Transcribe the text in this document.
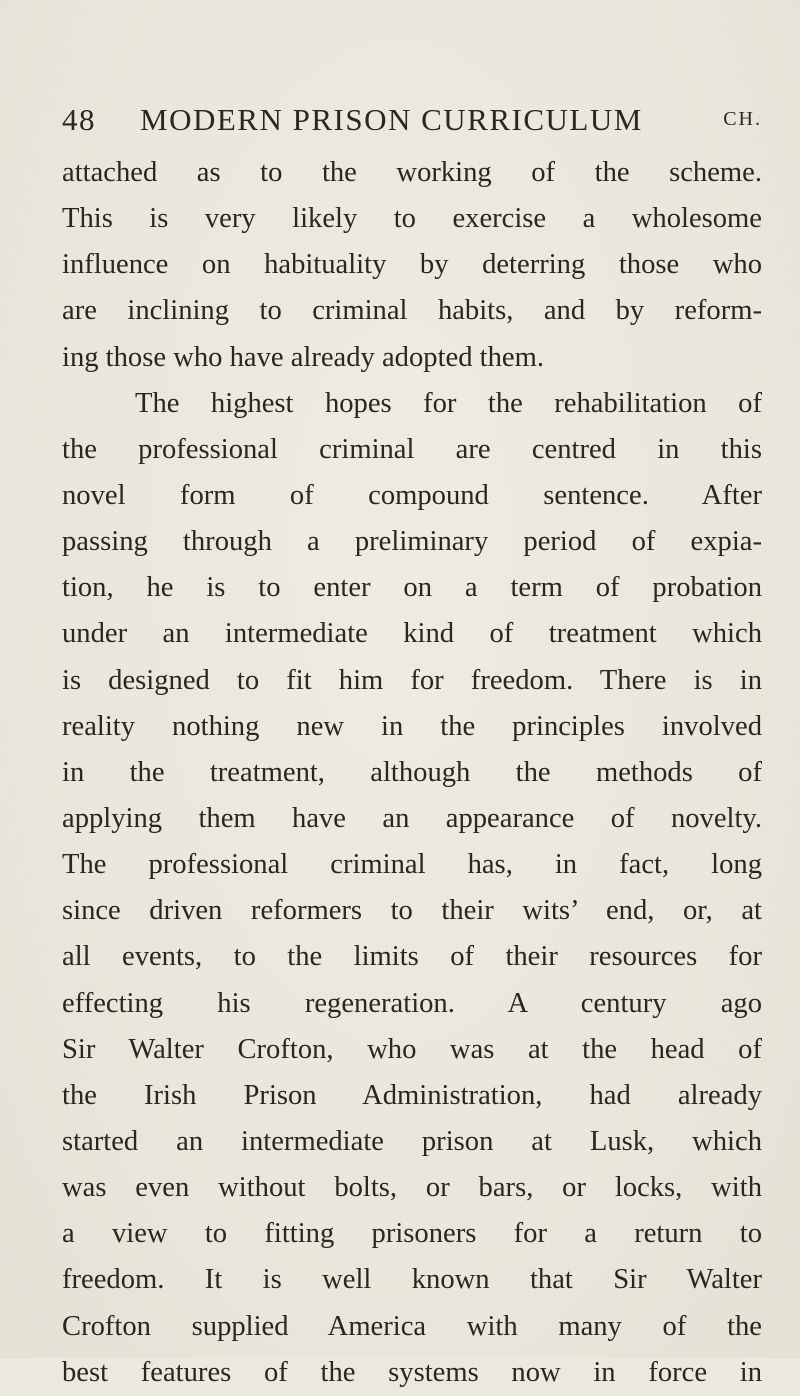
48 MODERN PRISON CURRICULUM	CH.
attached as to the working of the scheme.
This is very likely to exercise a wholesome
influence on habituality by deterring those who
are inclining to criminal habits, and by reform-
ing those who have already adopted them.
The highest hopes for the rehabilitation of
the professional criminal are centred in this
novel form of compound sentence. After
passing through a preliminary period of expia-
tion, he is to enter on a term of probation
under an intermediate kind of treatment which
is designed to fit him for freedom. There is in
reality nothing new in the principles involved
in the treatment, although the methods of
applying them have an appearance of novelty.
The professional criminal has, in fact, long
since driven reformers to their wits’ end, or, at
all events, to the limits of their resources for
effecting his regeneration. A century ago
Sir Walter Crofton, who was at the head of
the Irish Prison Administration, had already
started an intermediate prison at Lusk, which
was even without bolts, or bars, or locks, with
a view to fitting prisoners for a return to
freedom. It is well known that Sir Walter
Crofton supplied America with many of the
best features of the systems now in force in
